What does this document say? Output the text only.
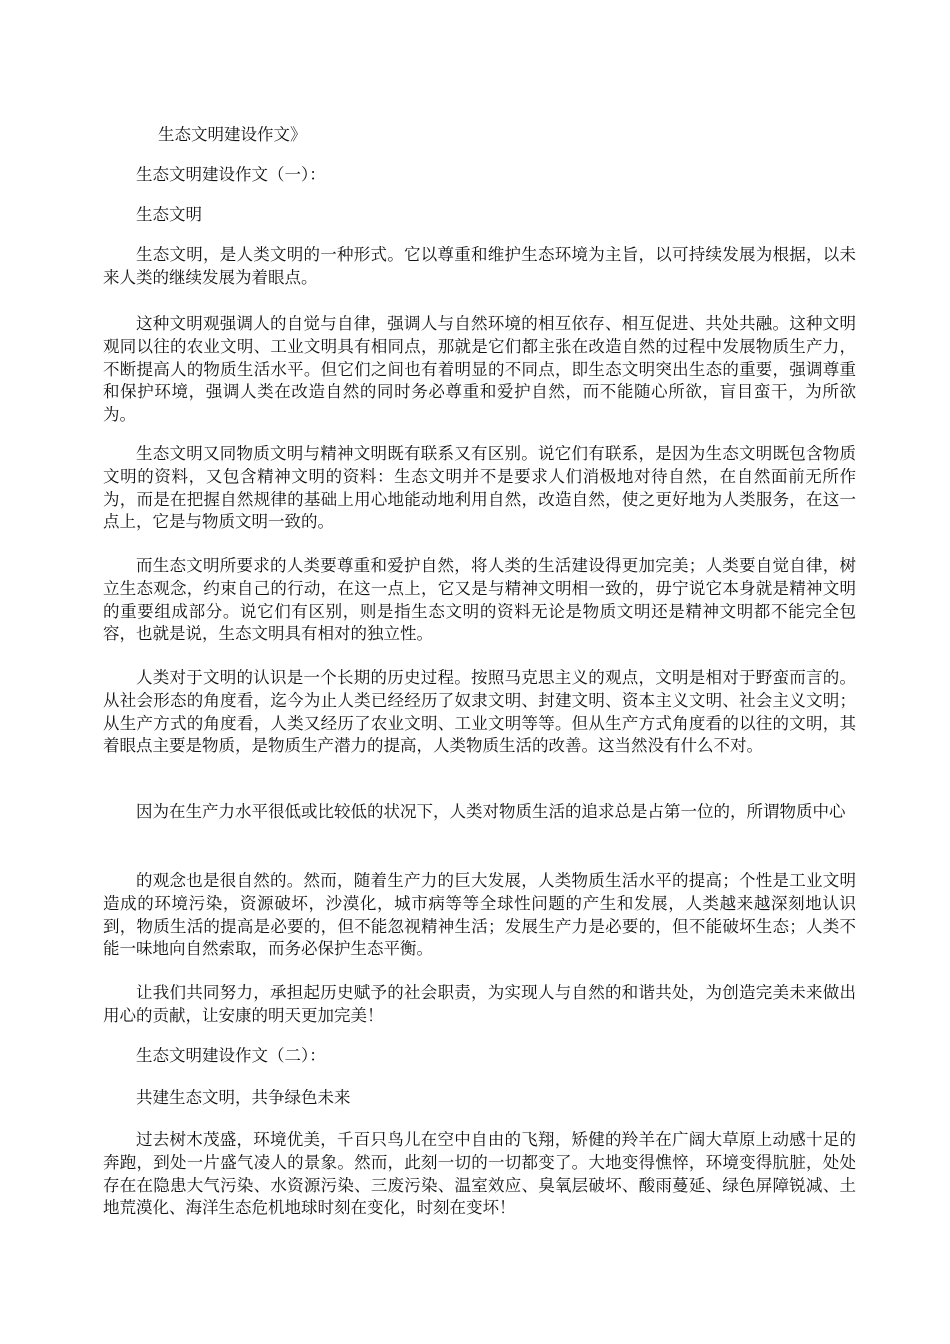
生态文明建设作文》

生态文明建设作文（一）：

生态文明

生态文明，是人类文明的一种形式。它以尊重和维护生态环境为主旨，以可持续发展为根据，以未来人类的继续发展为着眼点。

这种文明观强调人的自觉与自律，强调人与自然环境的相互依存、相互促进、共处共融。这种文明观同以往的农业文明、工业文明具有相同点，那就是它们都主张在改造自然的过程中发展物质生产力，不断提高人的物质生活水平。但它们之间也有着明显的不同点，即生态文明突出生态的重要，强调尊重和保护环境，强调人类在改造自然的同时务必尊重和爱护自然，而不能随心所欲，盲目蛮干，为所欲为。

生态文明又同物质文明与精神文明既有联系又有区别。说它们有联系，是因为生态文明既包含物质文明的资料，又包含精神文明的资料：生态文明并不是要求人们消极地对待自然，在自然面前无所作为，而是在把握自然规律的基础上用心地能动地利用自然，改造自然，使之更好地为人类服务，在这一点上，它是与物质文明一致的。

而生态文明所要求的人类要尊重和爱护自然，将人类的生活建设得更加完美；人类要自觉自律，树立生态观念，约束自己的行动，在这一点上，它又是与精神文明相一致的，毋宁说它本身就是精神文明的重要组成部分。说它们有区别，则是指生态文明的资料无论是物质文明还是精神文明都不能完全包容，也就是说，生态文明具有相对的独立性。

人类对于文明的认识是一个长期的历史过程。按照马克思主义的观点，文明是相对于野蛮而言的。从社会形态的角度看，迄今为止人类已经经历了奴隶文明、封建文明、资本主义文明、社会主义文明；从生产方式的角度看，人类又经历了农业文明、工业文明等等。但从生产方式角度看的以往的文明，其着眼点主要是物质，是物质生产潜力的提高，人类物质生活的改善。这当然没有什么不对。

因为在生产力水平很低或比较低的状况下，人类对物质生活的追求总是占第一位的，所谓物质中心

的观念也是很自然的。然而，随着生产力的巨大发展，人类物质生活水平的提高；个性是工业文明造成的环境污染，资源破坏，沙漠化，城市病等等全球性问题的产生和发展，人类越来越深刻地认识到，物质生活的提高是必要的，但不能忽视精神生活；发展生产力是必要的，但不能破坏生态；人类不能一味地向自然索取，而务必保护生态平衡。

让我们共同努力，承担起历史赋予的社会职责，为实现人与自然的和谐共处，为创造完美未来做出用心的贡献，让安康的明天更加完美！

生态文明建设作文（二）：

共建生态文明，共争绿色未来

过去树木茂盛，环境优美，千百只鸟儿在空中自由的飞翔，矫健的羚羊在广阔大草原上动感十足的奔跑，到处一片盛气凌人的景象。然而，此刻一切的一切都变了。大地变得憔悴，环境变得肮脏，处处存在在隐患大气污染、水资源污染、三废污染、温室效应、臭氧层破坏、酸雨蔓延、绿色屏障锐减、土地荒漠化、海洋生态危机地球时刻在变化，时刻在变坏！
